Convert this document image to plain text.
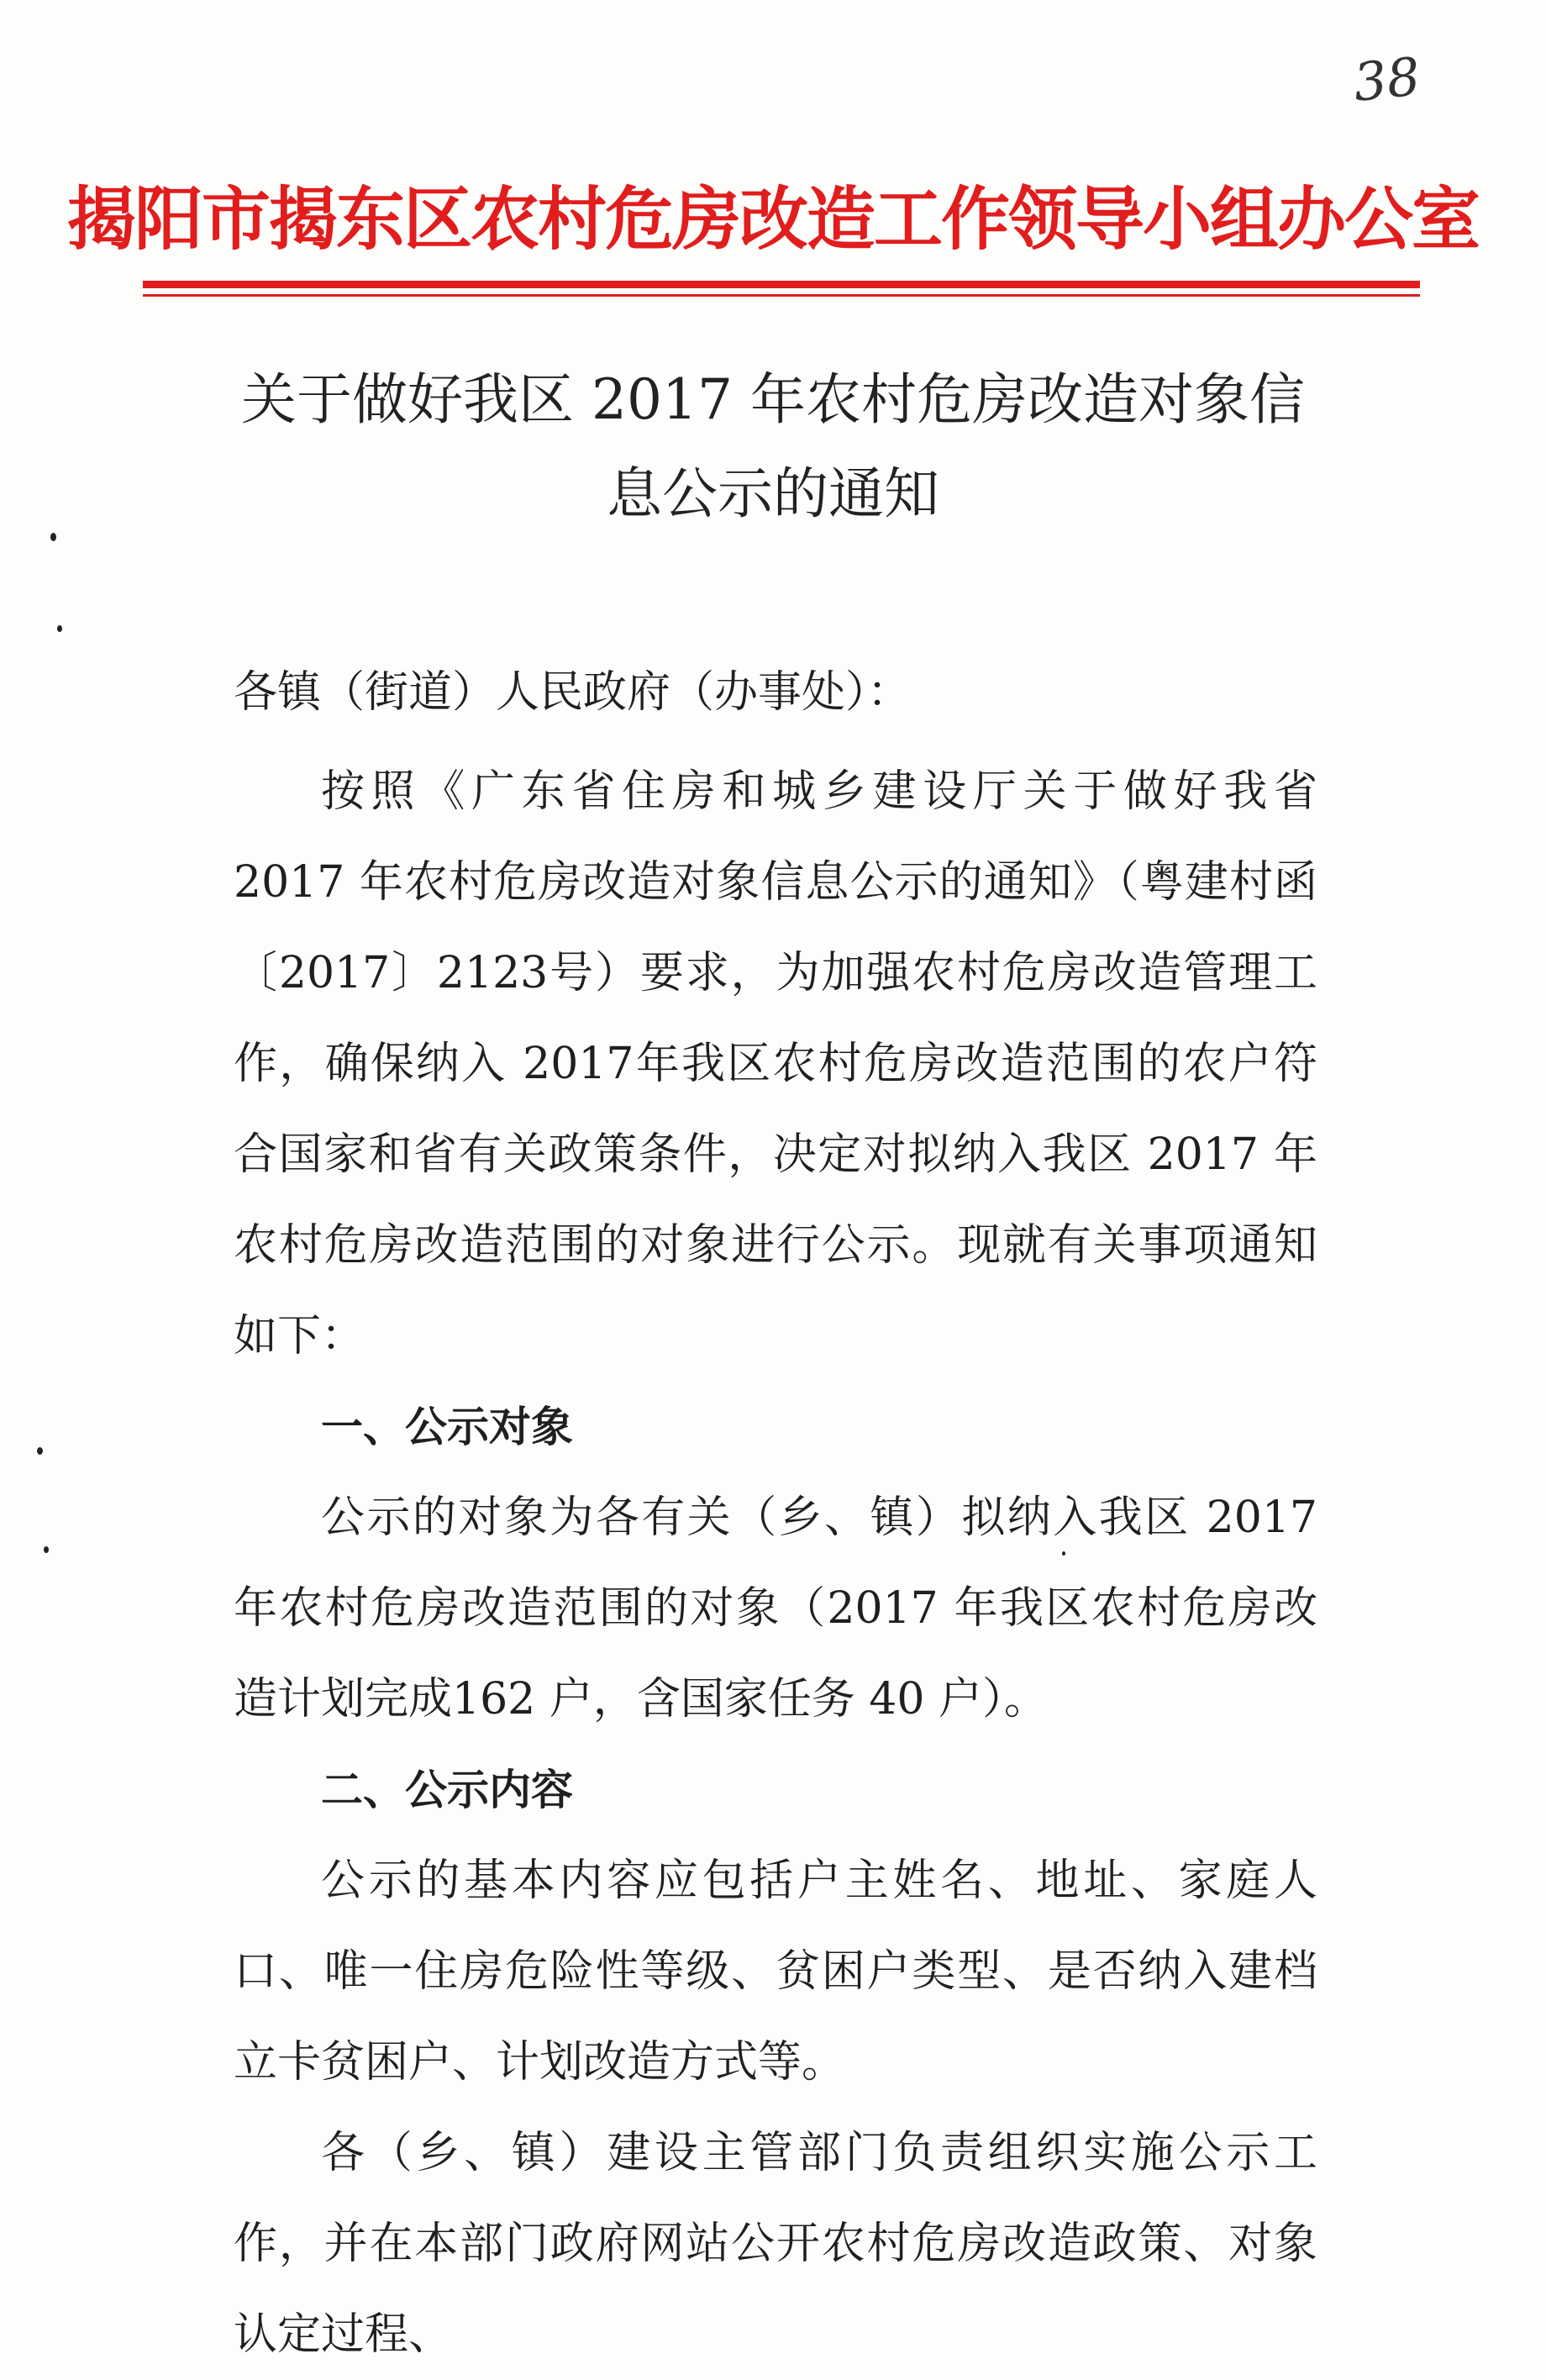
38
揭阳市揭东区农村危房改造工作领导小组办公室
关于做好我区 2017 年农村危房改造对象信
息公示的通知

各镇（街道）人民政府（办事处）：

按照《广东省住房和城乡建设厅关于做好我省 2017 年农村危房改造对象信息公示的通知》（粤建村函〔2017〕2123号）要求，为加强农村危房改造管理工作，确保纳入 2017年我区农村危房改造范围的农户符合国家和省有关政策条件，决定对拟纳入我区 2017 年农村危房改造范围的对象进行公示。现就有关事项通知如下：

一、公示对象

公示的对象为各有关（乡、镇）拟纳入我区 2017 年农村危房改造范围的对象（2017 年我区农村危房改造计划完成162 户，含国家任务 40 户）。

二、公示内容

公示的基本内容应包括户主姓名、地址、家庭人口、唯一住房危险性等级、贫困户类型、是否纳入建档立卡贫困户、计划改造方式等。

各（乡、镇）建设主管部门负责组织实施公示工作，并在本部门政府网站公开农村危房改造政策、对象认定过程、
